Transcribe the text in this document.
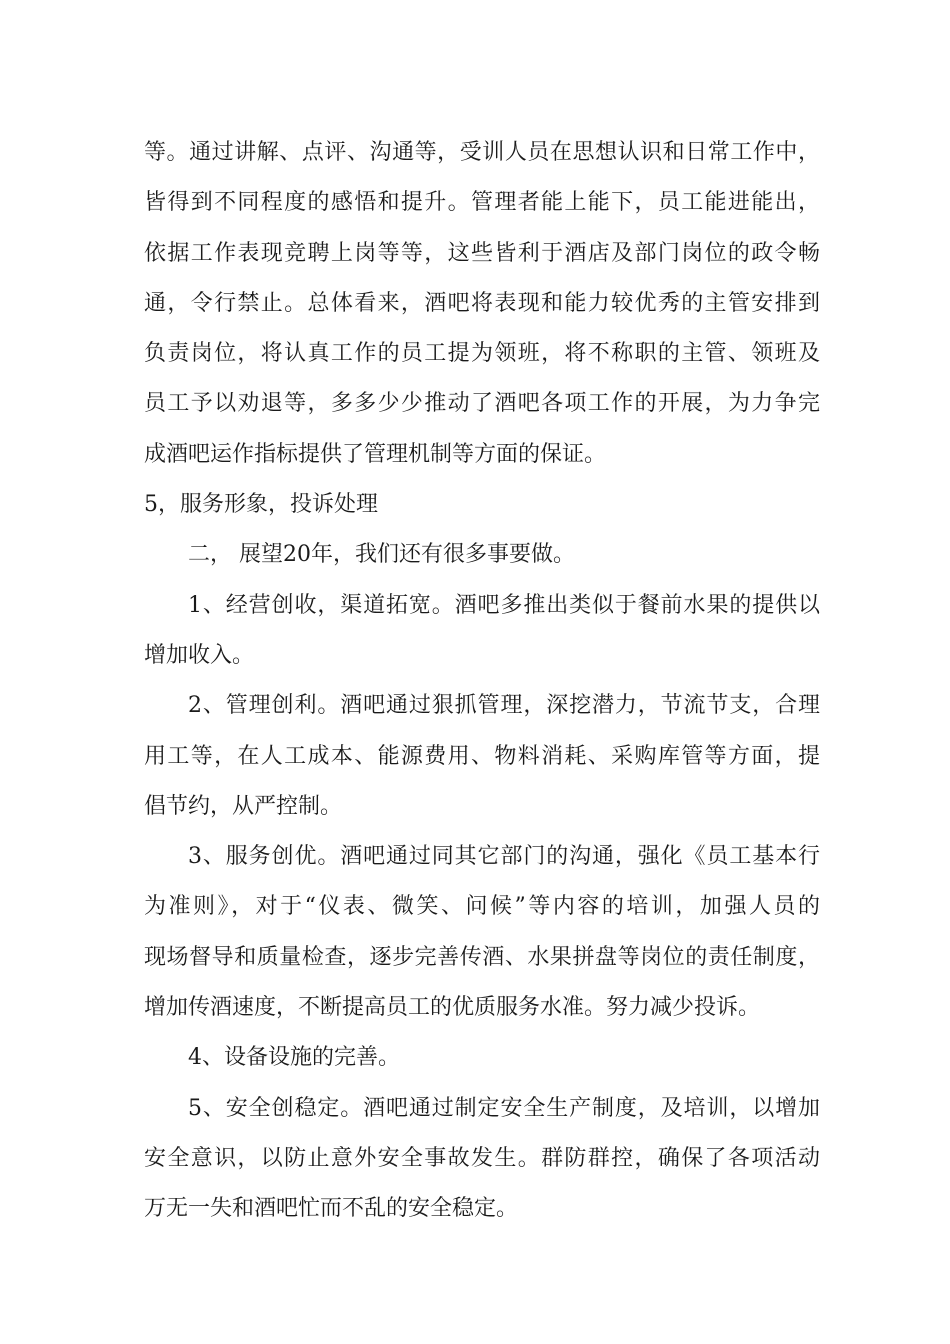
等。通过讲解、点评、沟通等，受训人员在思想认识和日常工作中，
皆得到不同程度的感悟和提升。管理者能上能下，员工能进能出，
依据工作表现竞聘上岗等等，这些皆利于酒店及部门岗位的政令畅
通，令行禁止。总体看来，酒吧将表现和能力较优秀的主管安排到
负责岗位，将认真工作的员工提为领班，将不称职的主管、领班及
员工予以劝退等，多多少少推动了酒吧各项工作的开展，为力争完
成酒吧运作指标提供了管理机制等方面的保证。
5，服务形象，投诉处理
二， 展望20年，我们还有很多事要做。
1、经营创收，渠道拓宽。酒吧多推出类似于餐前水果的提供以
增加收入。
2、管理创利。酒吧通过狠抓管理，深挖潜力，节流节支，合理
用工等，在人工成本、能源费用、物料消耗、采购库管等方面，提
倡节约，从严控制。
3、服务创优。酒吧通过同其它部门的沟通，强化《员工基本行
为准则》，对于“仪表、微笑、问候”等内容的培训，加强人员的
现场督导和质量检查，逐步完善传酒、水果拼盘等岗位的责任制度，
增加传酒速度，不断提高员工的优质服务水准。努力减少投诉。
4、设备设施的完善。
5、安全创稳定。酒吧通过制定安全生产制度，及培训，以增加
安全意识，以防止意外安全事故发生。群防群控，确保了各项活动
万无一失和酒吧忙而不乱的安全稳定。
